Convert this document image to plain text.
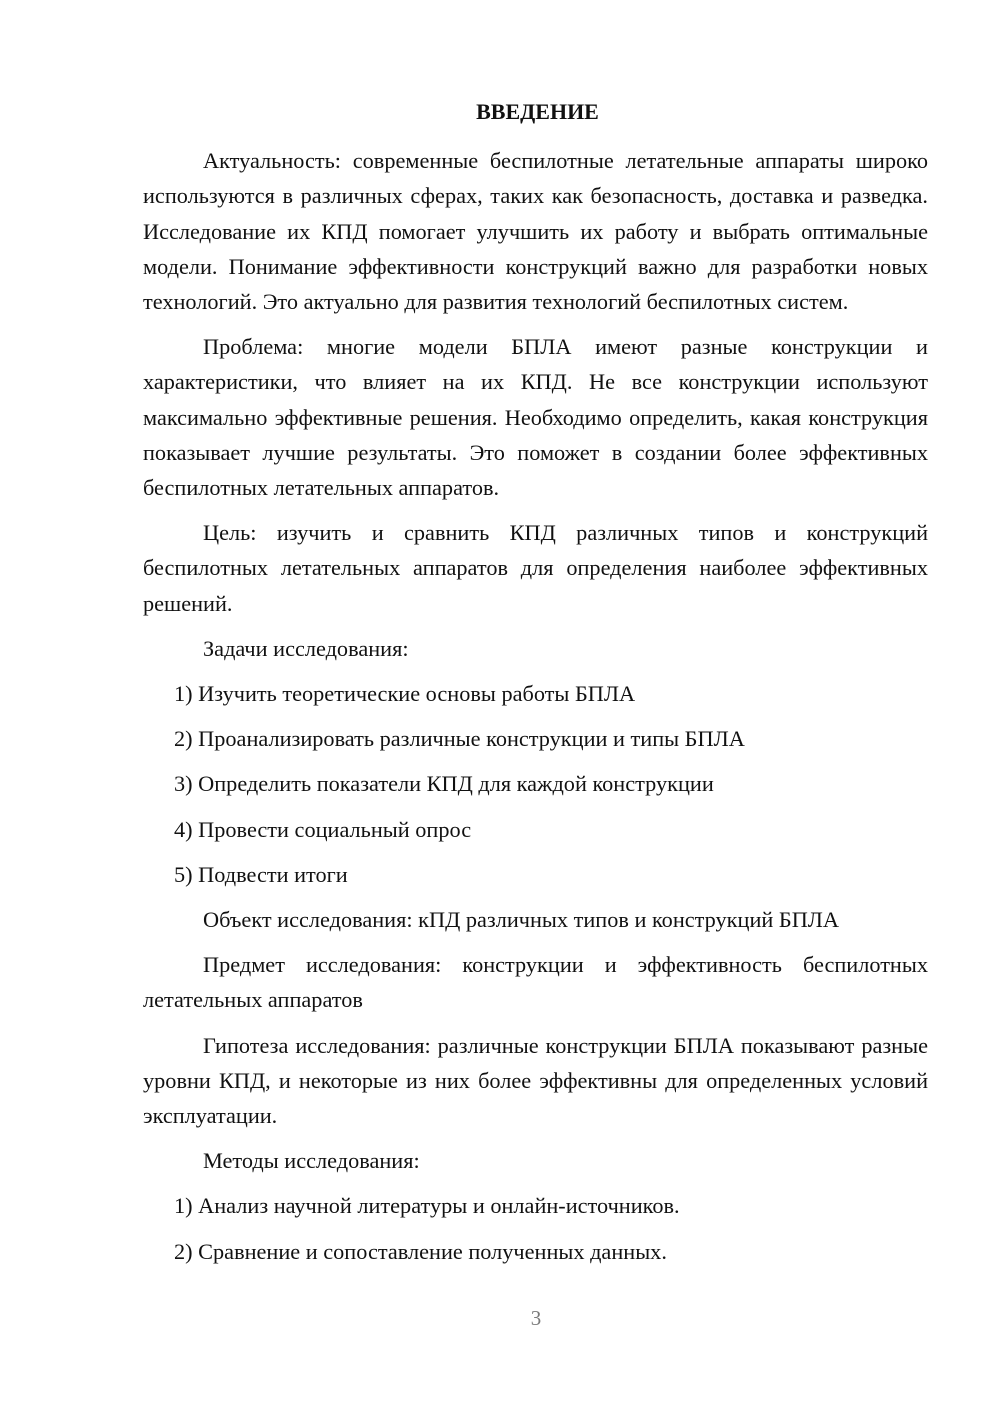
ВВЕДЕНИЕ

Актуальность: современные беспилотные летательные аппараты широко используются в различных сферах, таких как безопасность, доставка и разведка. Исследование их КПД помогает улучшить их работу и выбрать оптимальные модели. Понимание эффективности конструкций важно для разработки новых технологий. Это актуально для развития технологий беспилотных систем.

Проблема: многие модели БПЛА имеют разные конструкции и характеристики, что влияет на их КПД. Не все конструкции используют максимально эффективные решения. Необходимо определить, какая конструкция показывает лучшие результаты. Это поможет в создании более эффективных беспилотных летательных аппаратов.

Цель: изучить и сравнить КПД различных типов и конструкций беспилотных летательных аппаратов для определения наиболее эффективных решений.

Задачи исследования:

1) Изучить теоретические основы работы БПЛА

2) Проанализировать различные конструкции и типы БПЛА

3) Определить показатели КПД для каждой конструкции

4) Провести социальный опрос

5) Подвести итоги

Объект исследования: кПД различных типов и конструкций БПЛА

Предмет исследования: конструкции и эффективность беспилотных летательных аппаратов

Гипотеза исследования: различные конструкции БПЛА показывают разные уровни КПД, и некоторые из них более эффективны для определенных условий эксплуатации.

Методы исследования:

1) Анализ научной литературы и онлайн-источников.

2) Сравнение и сопоставление полученных данных.

3
